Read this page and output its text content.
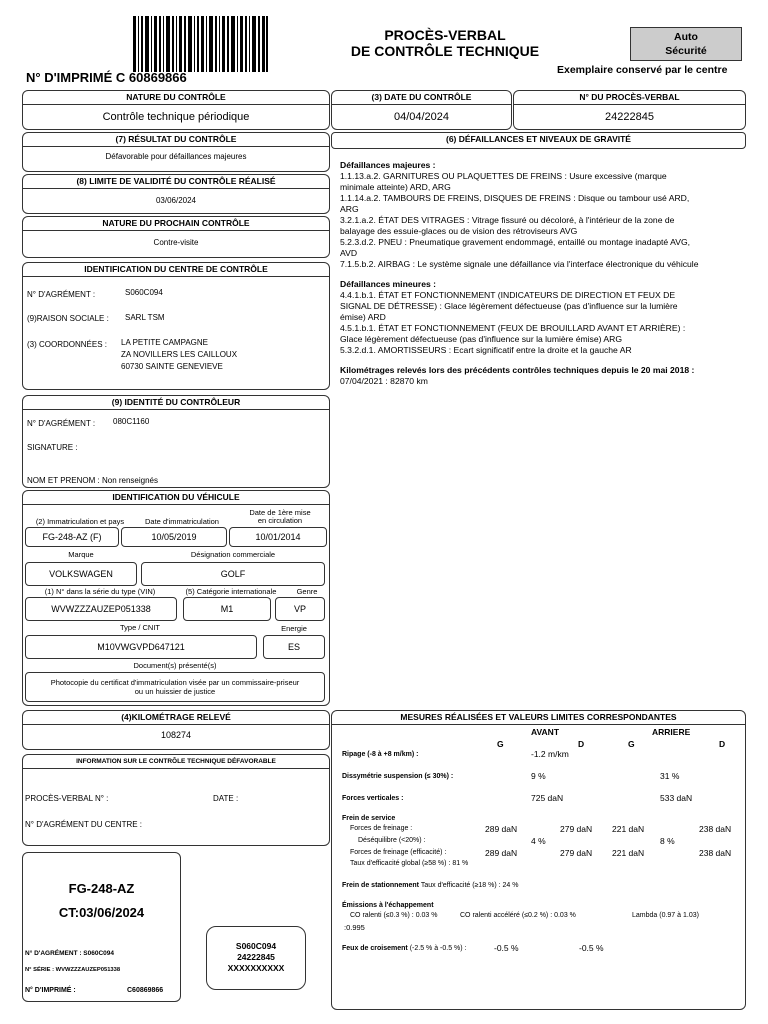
N° D'IMPRIMÉ C 60869866
PROCÈS-VERBAL
DE CONTRÔLE TECHNIQUE
Auto
Sécurité
Exemplaire conservé par le centre
NATURE DU CONTRÔLE
Contrôle technique périodique
(3) DATE DU CONTRÔLE
04/04/2024
N° DU PROCÈS-VERBAL
24222845
(7) RÉSULTAT DU CONTRÔLE
Défavorable pour défaillances majeures
(8) LIMITE DE VALIDITÉ DU CONTRÔLE RÉALISÉ
03/06/2024
NATURE DU PROCHAIN CONTRÔLE
Contre-visite
IDENTIFICATION DU CENTRE DE CONTRÔLE
N° D'AGRÉMENT :	S060C094
(9)RAISON SOCIALE : SARL TSM
(3) COORDONNÉES : LA PETITE CAMPAGNE
ZA NOVILLERS LES CAILLOUX
60730 SAINTE GENEVIEVE
(9) IDENTITÉ DU CONTRÔLEUR
N° D'AGRÉMENT : 080C1160
SIGNATURE :
NOM ET PRENOM : Non renseignés
IDENTIFICATION DU VÉHICULE
(2) Immatriculation et pays	Date d'immatriculation
Date de 1ère mise
en circulation
FG-248-AZ (F)	10/05/2019	10/01/2014
Marque	Désignation commerciale
VOLKSWAGEN	GOLF
(1) N° dans la série du type (VIN)	(5) Catégorie internationale	Genre
WVWZZZAUZEP051338	M1	VP
Type / CNIT	Energie
M10VWGVPD647121	ES
Document(s) présenté(s)
Photocopie du certificat d'immatriculation visée par un commissaire-priseur
ou un huissier de justice
(4)KILOMÉTRAGE RELEVÉ
108274
INFORMATION SUR LE CONTRÔLE TECHNIQUE DÉFAVORABLE
PROCÈS-VERBAL N° :	DATE :
N° D'AGRÉMENT DU CENTRE :
FG-248-AZ
CT:03/06/2024
N° D'AGRÉMENT : S060C094
N° SÉRIE : WVWZZZAUZEP051338
N° D'IMPRIMÉ :	C60869866
S060C094
24222845
XXXXXXXXXX
(6) DÉFAILLANCES ET NIVEAUX DE GRAVITÉ

Défaillances majeures :

1.1.13.a.2. GARNITURES OU PLAQUETTES DE FREINS : Usure excessive (marque minimale atteinte) ARD, ARG

1.1.14.a.2. TAMBOURS DE FREINS, DISQUES DE FREINS : Disque ou tambour usé ARD, ARG

3.2.1.a.2. ÉTAT DES VITRAGES : Vitrage fissuré ou décoloré, à l'intérieur de la zone de balayage des essuie-glaces ou de vision des rétroviseurs AVG

5.2.3.d.2. PNEU : Pneumatique gravement endommagé, entaillé ou montage inadapté AVG, AVD

7.1.5.b.2. AIRBAG : Le système signale une défaillance via l'interface électronique du véhicule

Défaillances mineures :

4.4.1.b.1. ÉTAT ET FONCTIONNEMENT (INDICATEURS DE DIRECTION ET FEUX DE SIGNAL DE DÉTRESSE) : Glace légèrement défectueuse (pas d'influence sur la lumière émise) ARD

4.5.1.b.1. ÉTAT ET FONCTIONNEMENT (FEUX DE BROUILLARD AVANT ET ARRIÈRE) : Glace légèrement défectueuse (pas d'influence sur la lumière émise) ARG

5.3.2.d.1. AMORTISSEURS : Ecart significatif entre la droite et la gauche AR

Kilométrages relevés lors des précédents contrôles techniques depuis le 20 mai 2018 : 07/04/2021 : 82870 km

MESURES RÉALISÉES ET VALEURS LIMITES CORRESPONDANTES
AVANT	ARRIERE
G	D	G	D
Ripage (-8 à +8 m/km) :	-1.2 m/km
Dissymétrie suspension (≤ 30%) :	9 %	31 %
Forces verticales :	725 daN	533 daN
Frein de service
Forces de freinage :	289 daN	279 daN 221 daN	238 daN
Déséquilibre (<20%) :	4 %	8 %
Forces de freinage (efficacité) :	289 daN	279 daN 221 daN	238 daN
Taux d'efficacité global (≥58 %) : 81 %
Frein de stationnement Taux d'efficacité (≥18 %) : 24 %
Émissions à l'échappement
CO ralenti (≤0.3 %) : 0.03 %	CO ralenti accéléré (≤0.2 %) : 0.03 %	Lambda (0.97 à 1.03)
:0.995
Feux de croisement (-2.5 % à -0.5 %) :	-0.5 %	-0.5 %
